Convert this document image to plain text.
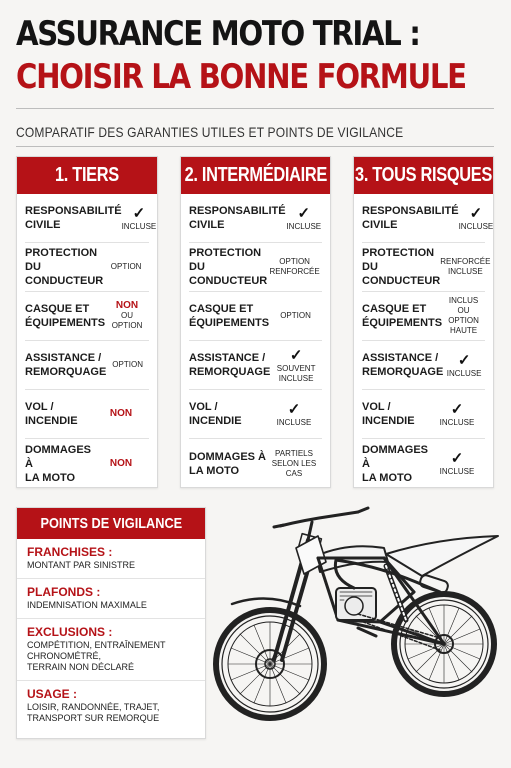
ASSURANCE MOTO TRIAL :
CHOISIR LA BONNE FORMULE
COMPARATIF DES GARANTIES UTILES ET POINTS DE VIGILANCE
1. TIERS
RESPONSABILITÉ
CIVILE
✓
INCLUSE
PROTECTION DU
CONDUCTEUR
OPTION
CASQUE ET
ÉQUIPEMENTS
NON
OU OPTION
ASSISTANCE /
REMORQUAGE
OPTION
VOL / INCENDIE
NON
DOMMAGES À
LA MOTO
NON
2. INTERMÉDIAIRE
RESPONSABILITÉ
CIVILE
✓
INCLUSE
PROTECTION DU
CONDUCTEUR
OPTION
RENFORCÉE
CASQUE ET
ÉQUIPEMENTS
OPTION
ASSISTANCE /
REMORQUAGE
✓
SOUVENT
INCLUSE
VOL / INCENDIE
✓
INCLUSE
DOMMAGES À
LA MOTO
PARTIELS
SELON LES CAS
3. TOUS RISQUES
RESPONSABILITÉ
CIVILE
✓
INCLUSE
PROTECTION DU
CONDUCTEUR
RENFORCÉE
INCLUSE
CASQUE ET
ÉQUIPEMENTS
INCLUS
OU OPTION
HAUTE
ASSISTANCE /
REMORQUAGE
✓
INCLUSE
VOL / INCENDIE
✓
INCLUSE
DOMMAGES À
LA MOTO
✓
INCLUSE
POINTS DE VIGILANCE
FRANCHISES :
MONTANT PAR SINISTRE
PLAFONDS :
INDEMNISATION MAXIMALE
EXCLUSIONS :
COMPÉTITION, ENTRAÎNEMENT CHRONOMÉTRÉ,
TERRAIN NON DÉCLARÉ
USAGE :
LOISIR, RANDONNÉE, TRAJET,
TRANSPORT SUR REMORQUE
